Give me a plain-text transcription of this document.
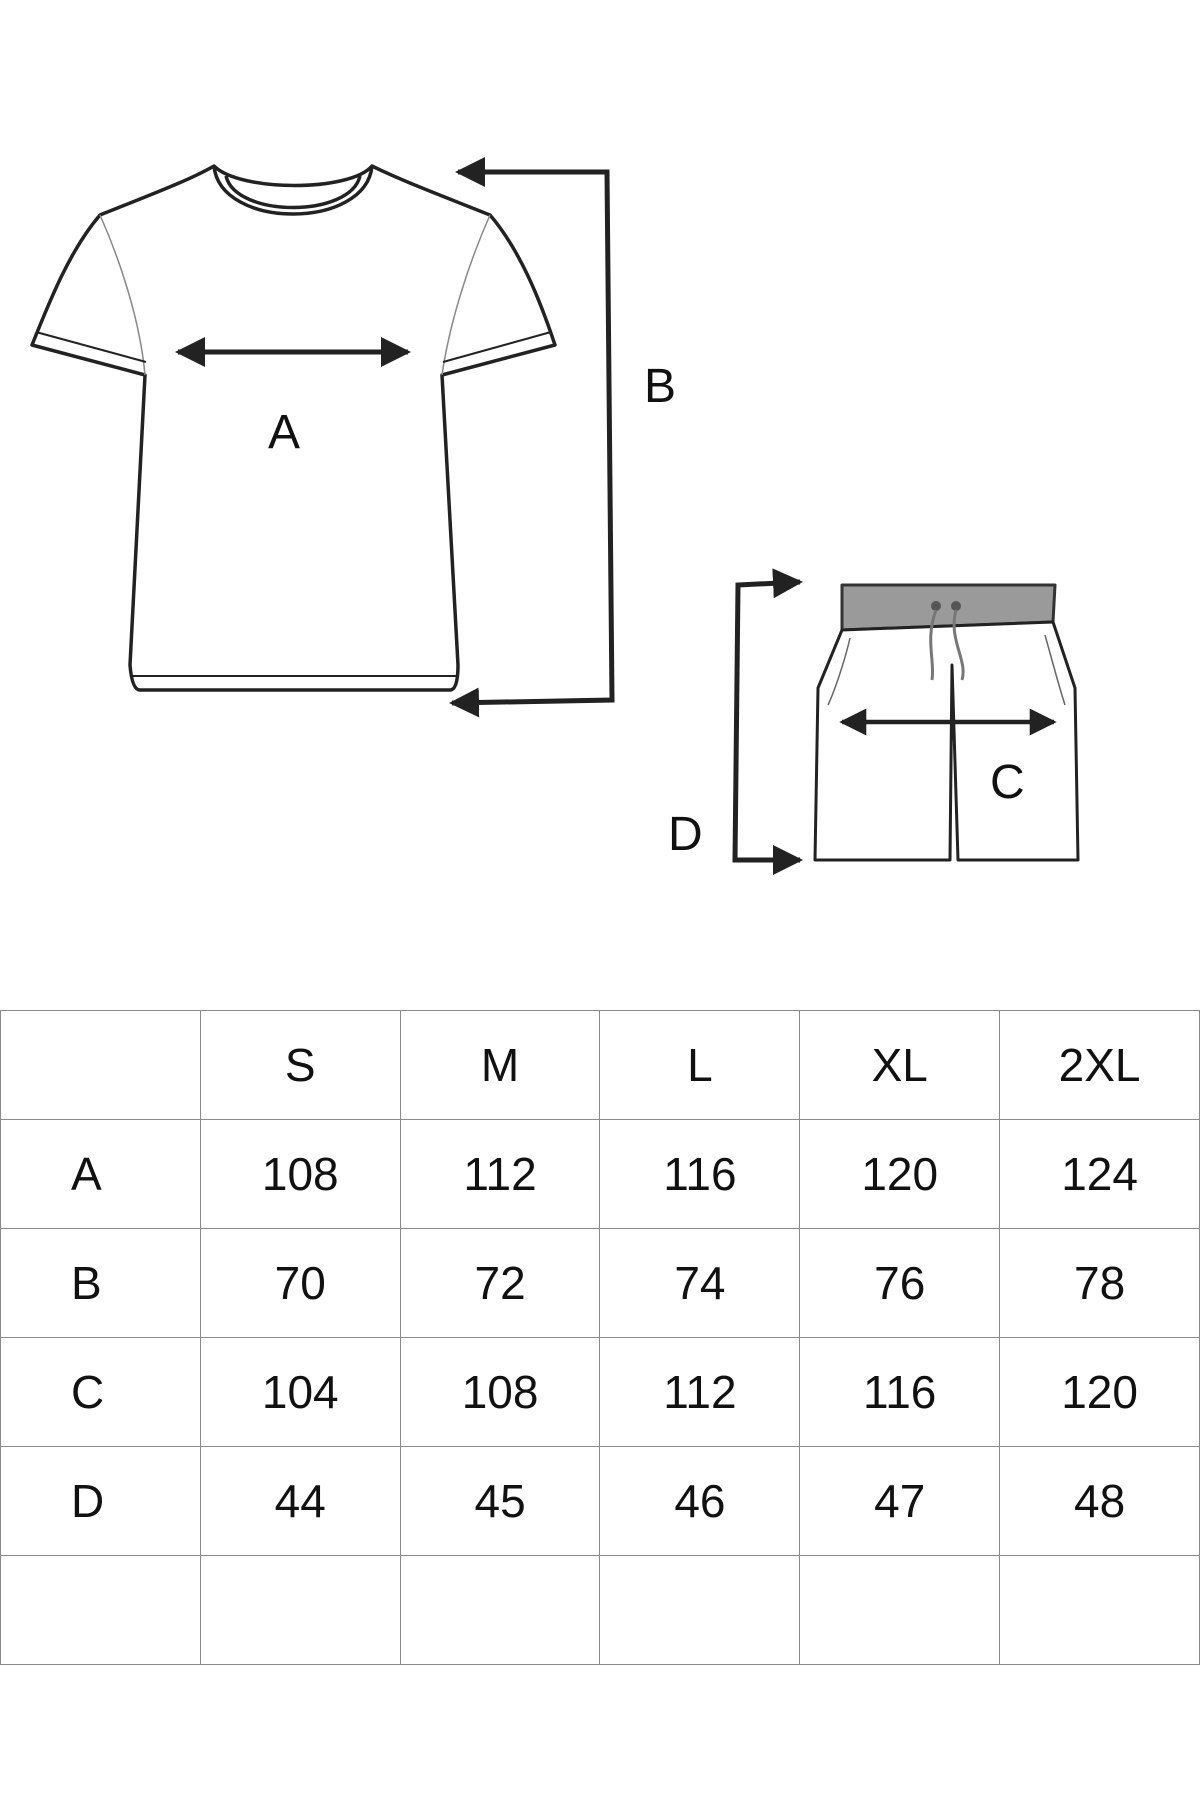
A
B
C
D
	S	M	L	XL	2XL
A	108	112	116	120	124
B	70	72	74	76	78
C	104	108	112	116	120
D	44	45	46	47	48
